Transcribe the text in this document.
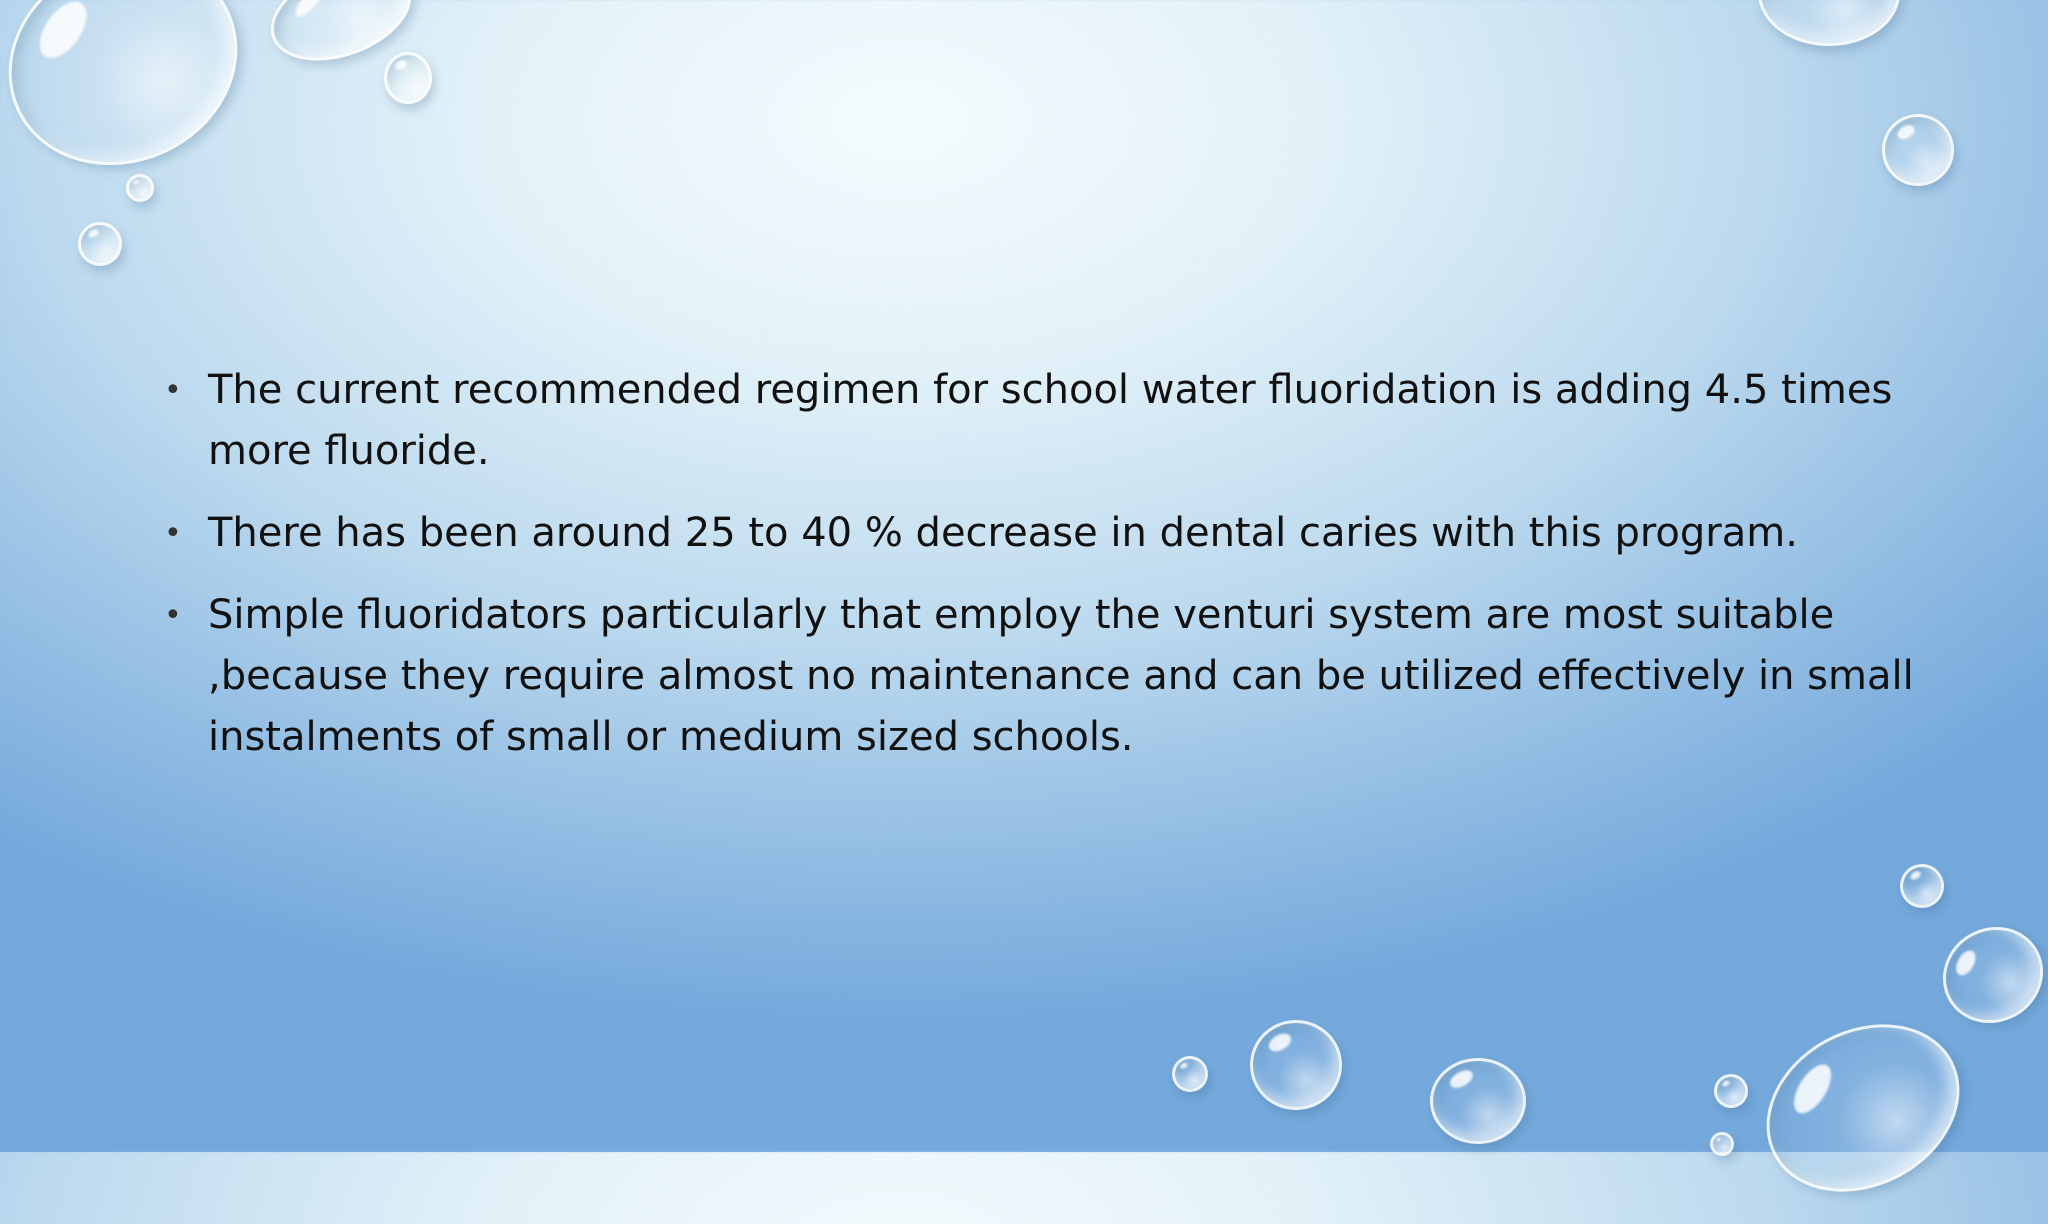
• The current recommended regimen for school water fluoridation is adding 4.5 times more fluoride.
• There has been around 25 to 40 % decrease in dental caries with this program.
• Simple fluoridators particularly that employ the venturi system are most suitable ,because they require almost no maintenance and can be utilized effectively in small instalments of small or medium sized schools.
